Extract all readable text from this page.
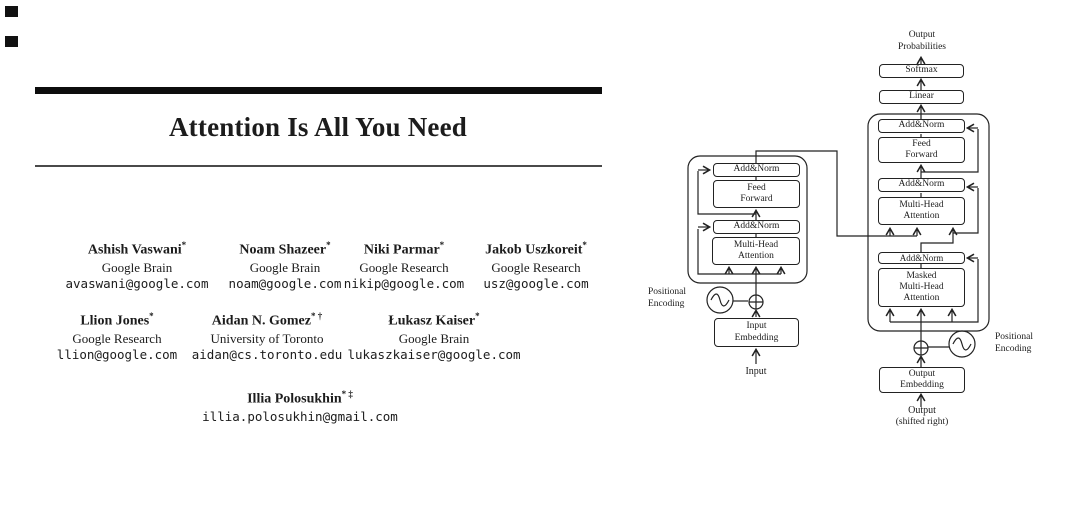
Attention Is All You Need
Ashish Vaswani*
Google Brain
avaswani@google.com
Noam Shazeer*
Google Brain
noam@google.com
Niki Parmar*
Google Research
nikip@google.com
Jakob Uszkoreit*
Google Research
usz@google.com
Llion Jones*
Google Research
llion@google.com
Aidan N. Gomez* †
University of Toronto
aidan@cs.toronto.edu
Łukasz Kaiser*
Google Brain
lukaszkaiser@google.com
Illia Polosukhin* ‡
illia.polosukhin@gmail.com
Add&Norm
Feed Forward
Add&Norm
Multi-Head Attention
Input Embedding
Softmax
Linear
Add&Norm
Feed Forward
Add&Norm
Multi-Head Attention
Add&Norm
Masked Multi-Head Attention
Output Embedding
Output Probabilities
Positional Encoding
Positional Encoding
Input
Output
(shifted right)
